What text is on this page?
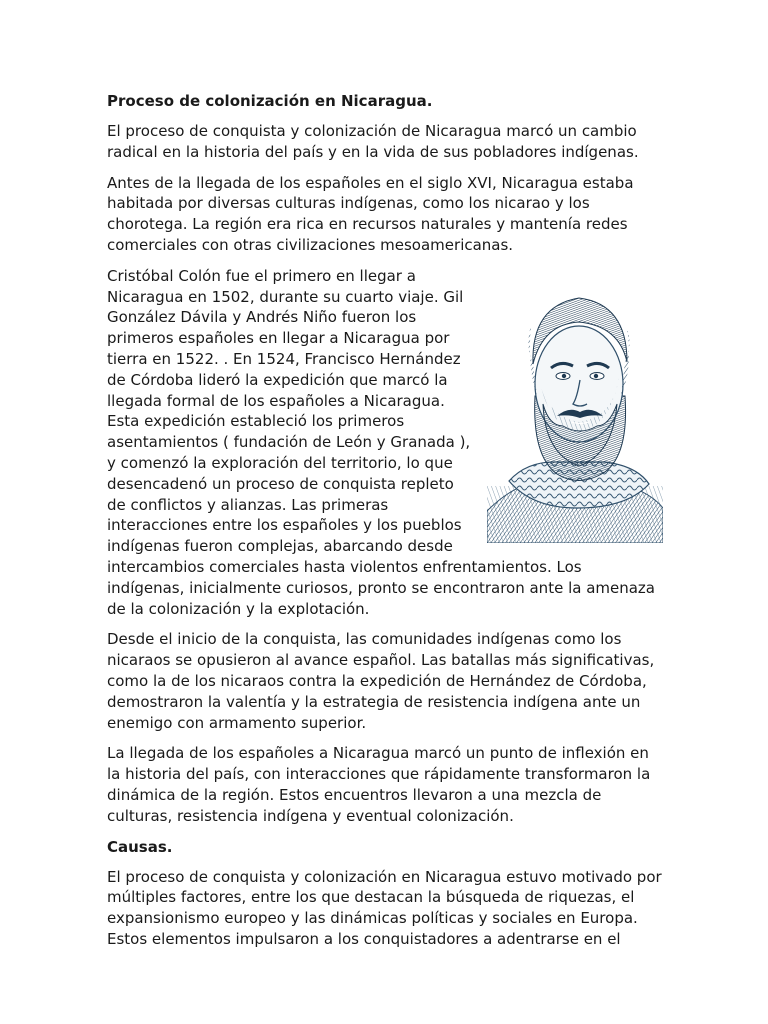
Proceso de colonización en Nicaragua.

El proceso de conquista y colonización de Nicaragua marcó un cambio radical en la historia del país y en la vida de sus pobladores indígenas.

Antes de la llegada de los españoles en el siglo XVI, Nicaragua estaba habitada por diversas culturas indígenas, como los nicarao y los chorotega. La región era rica en recursos naturales y mantenía redes comerciales con otras civilizaciones mesoamericanas.

Cristóbal Colón fue el primero en llegar a Nicaragua en 1502, durante su cuarto viaje. Gil González Dávila y Andrés Niño fueron los primeros españoles en llegar a Nicaragua por tierra en 1522. . En 1524, Francisco Hernández de Córdoba lideró la expedición que marcó la llegada formal de los españoles a Nicaragua. Esta expedición estableció los primeros asentamientos ( fundación de León y Granada ), y comenzó la exploración del territorio, lo que desencadenó un proceso de conquista repleto de conflictos y alianzas. Las primeras interacciones entre los españoles y los pueblos indígenas fueron complejas, abarcando desde intercambios comerciales hasta violentos enfrentamientos. Los indígenas, inicialmente curiosos, pronto se encontraron ante la amenaza de la colonización y la explotación.

Desde el inicio de la conquista, las comunidades indígenas como los nicaraos se opusieron al avance español. Las batallas más significativas, como la de los nicaraos contra la expedición de Hernández de Córdoba, demostraron la valentía y la estrategia de resistencia indígena ante un enemigo con armamento superior.

La llegada de los españoles a Nicaragua marcó un punto de inflexión en la historia del país, con interacciones que rápidamente transformaron la dinámica de la región. Estos encuentros llevaron a una mezcla de culturas, resistencia indígena y eventual colonización.

Causas.

El proceso de conquista y colonización en Nicaragua estuvo motivado por múltiples factores, entre los que destacan la búsqueda de riquezas, el expansionismo europeo y las dinámicas políticas y sociales en Europa. Estos elementos impulsaron a los conquistadores a adentrarse en el
